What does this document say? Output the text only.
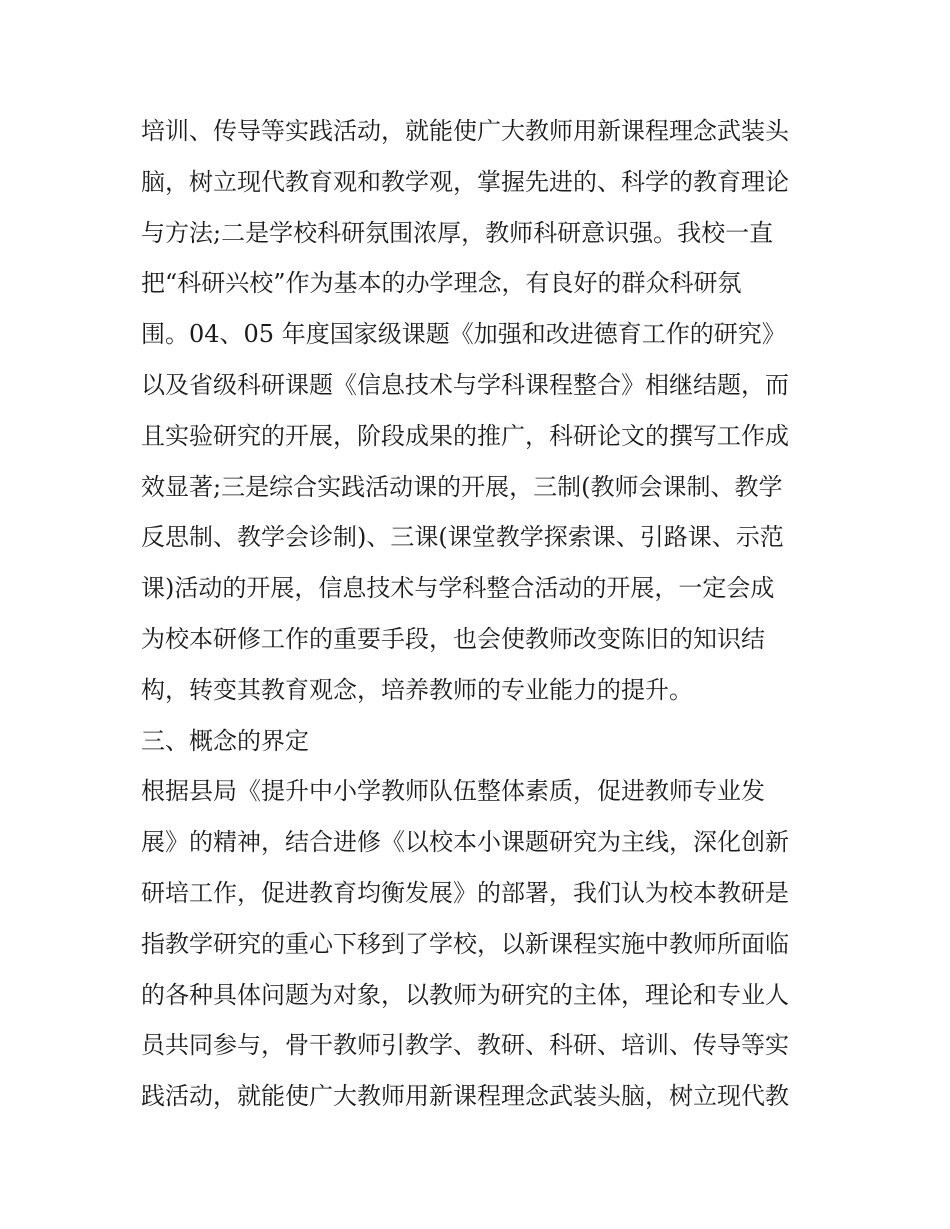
培训、传导等实践活动，就能使广大教师用新课程理念武装头

脑，树立现代教育观和教学观，掌握先进的、科学的教育理论

与方法;二是学校科研氛围浓厚，教师科研意识强。我校一直

把“科研兴校”作为基本的办学理念，有良好的群众科研氛

围。04、05 年度国家级课题《加强和改进德育工作的研究》

以及省级科研课题《信息技术与学科课程整合》相继结题，而

且实验研究的开展，阶段成果的推广，科研论文的撰写工作成

效显著;三是综合实践活动课的开展，三制(教师会课制、教学

反思制、教学会诊制)、三课(课堂教学探索课、引路课、示范

课)活动的开展，信息技术与学科整合活动的开展，一定会成

为校本研修工作的重要手段，也会使教师改变陈旧的知识结

构，转变其教育观念，培养教师的专业能力的提升。

三、概念的界定

根据县局《提升中小学教师队伍整体素质，促进教师专业发

展》的精神，结合进修《以校本小课题研究为主线，深化创新

研培工作，促进教育均衡发展》的部署，我们认为校本教研是

指教学研究的重心下移到了学校，以新课程实施中教师所面临

的各种具体问题为对象，以教师为研究的主体，理论和专业人

员共同参与，骨干教师引教学、教研、科研、培训、传导等实

践活动，就能使广大教师用新课程理念武装头脑，树立现代教
